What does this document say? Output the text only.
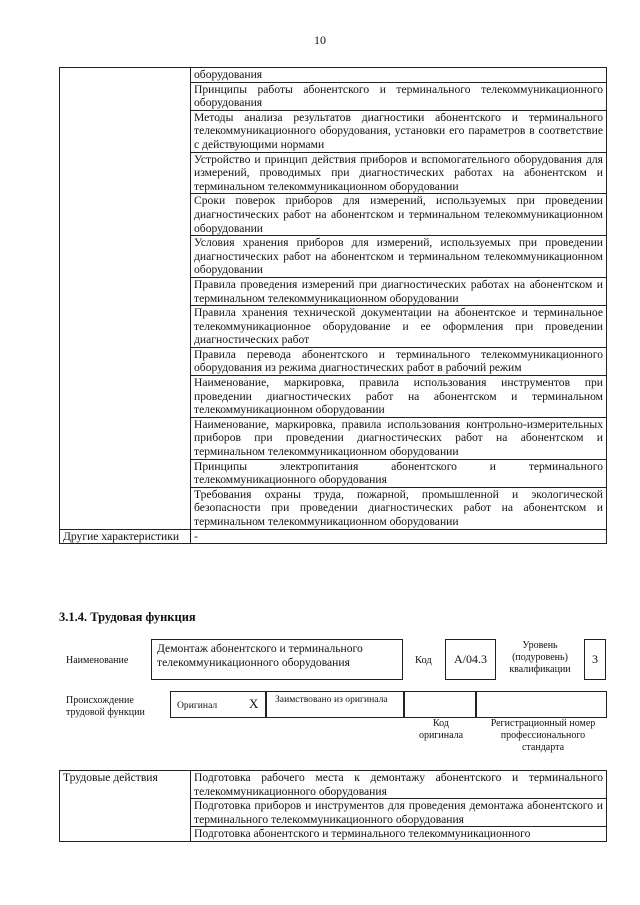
10
	оборудования
	Принципы работы абонентского и терминального телекоммуникационного оборудования
	Методы анализа результатов диагностики абонентского и терминального телекоммуникационного оборудования, установки его параметров в соответствие с действующими нормами
	Устройство и принцип действия приборов и вспомогательного оборудования для измерений, проводимых при диагностических работах на абонентском и терминальном телекоммуникационном оборудовании
	Сроки поверок приборов для измерений, используемых при проведении диагностических работ на абонентском и терминальном телекоммуникационном оборудовании
	Условия хранения приборов для измерений, используемых при проведении диагностических работ на абонентском и терминальном телекоммуникационном оборудовании
	Правила проведения измерений при диагностических работах на абонентском и терминальном телекоммуникационном оборудовании
	Правила хранения технической документации на абонентское и терминальное телекоммуникационное оборудование и ее оформления при проведении диагностических работ
	Правила перевода абонентского и терминального телекоммуникационного оборудования из режима диагностических работ в рабочий режим
	Наименование, маркировка, правила использования инструментов при проведении диагностических работ на абонентском и терминальном телекоммуникационном оборудовании
	Наименование, маркировка, правила использования контрольно-измерительных приборов при проведении диагностических работ на абонентском и терминальном телекоммуникационном оборудовании
	Принципы электропитания абонентского и терминального телекоммуникационного оборудования
	Требования охраны труда, пожарной, промышленной и экологической безопасности при проведении диагностических работ на абонентском и терминальном телекоммуникационном оборудовании
Другие характеристики	-
3.1.4. Трудовая функция
Наименование
Демонтаж абонентского и терминального телекоммуникационного оборудования	Код	А/04.3
Уровень (подуровень) квалификации
3
Происхождение трудовой функции
Оригинал X Заимствовано из оригинала
Код оригинала
Регистрационный номер профессионального стандарта
Трудовые действия	Подготовка рабочего места к демонтажу абонентского и терминального телекоммуникационного оборудования
Подготовка приборов и инструментов для проведения демонтажа абонентского и терминального телекоммуникационного оборудования
Подготовка абонентского и терминального телекоммуникационного
